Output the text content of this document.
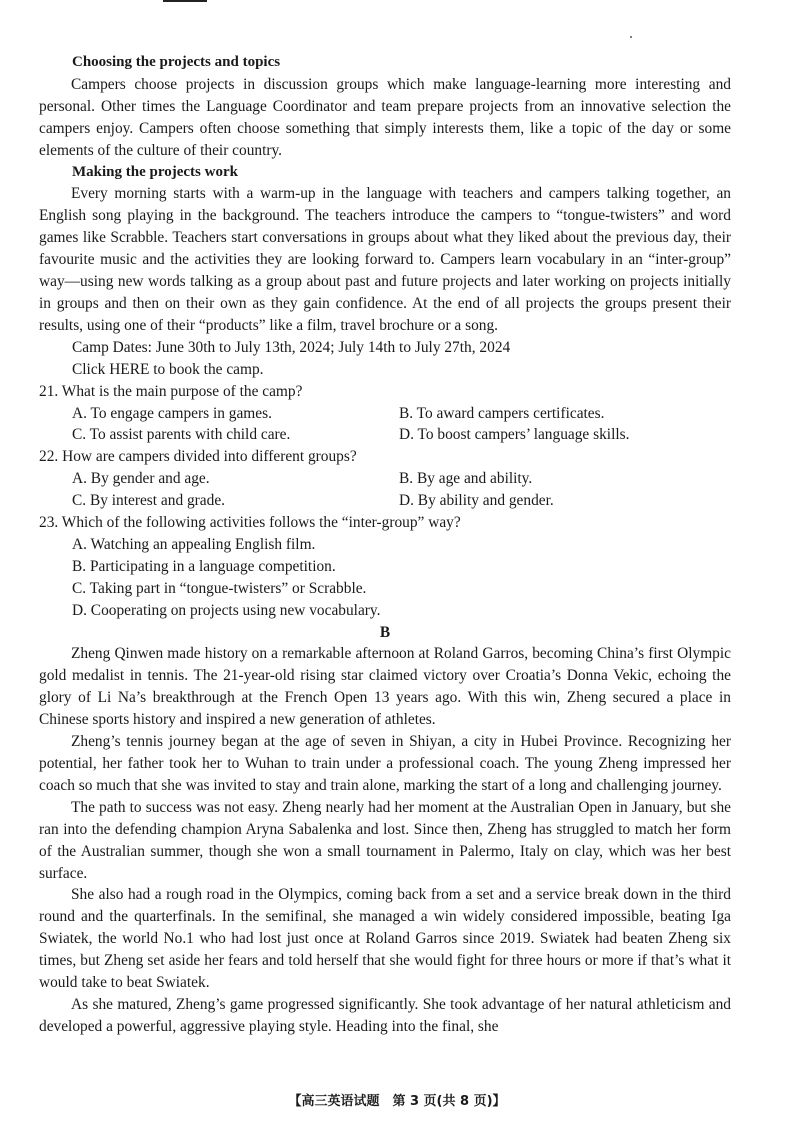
Choosing the projects and topics

Campers choose projects in discussion groups which make language-learning more interesting and personal. Other times the Language Coordinator and team prepare projects from an innovative selection the campers enjoy. Campers often choose something that simply interests them, like a topic of the day or some elements of the culture of their country.

Making the projects work

Every morning starts with a warm-up in the language with teachers and campers talking together, an English song playing in the background. The teachers introduce the campers to “tongue-twisters” and word games like Scrabble. Teachers start conversations in groups about what they liked about the previous day, their favourite music and the activities they are looking forward to. Campers learn vocabulary in an “inter-group” way—using new words talking as a group about past and future projects and later working on projects initially in groups and then on their own as they gain confidence. At the end of all projects the groups present their results, using one of their “products” like a film, travel brochure or a song.

Camp Dates: June 30th to July 13th, 2024; July 14th to July 27th, 2024

Click HERE to book the camp.

21. What is the main purpose of the camp?

A. To engage campers in games.	B. To award campers certificates.
C. To assist parents with child care.	D. To boost campers’ language skills.

22. How are campers divided into different groups?

A. By gender and age.	B. By age and ability.
C. By interest and grade.	D. By ability and gender.

23. Which of the following activities follows the “inter-group” way?

A. Watching an appealing English film.

B. Participating in a language competition.

C. Taking part in “tongue-twisters” or Scrabble.

D. Cooperating on projects using new vocabulary.

B

Zheng Qinwen made history on a remarkable afternoon at Roland Garros, becoming China’s first Olympic gold medalist in tennis. The 21-year-old rising star claimed victory over Croatia’s Donna Vekic, echoing the glory of Li Na’s breakthrough at the French Open 13 years ago. With this win, Zheng secured a place in Chinese sports history and inspired a new generation of athletes.

Zheng’s tennis journey began at the age of seven in Shiyan, a city in Hubei Province. Recognizing her potential, her father took her to Wuhan to train under a professional coach. The young Zheng impressed her coach so much that she was invited to stay and train alone, marking the start of a long and challenging journey.

The path to success was not easy. Zheng nearly had her moment at the Australian Open in January, but she ran into the defending champion Aryna Sabalenka and lost. Since then, Zheng has struggled to match her form of the Australian summer, though she won a small tournament in Palermo, Italy on clay, which was her best surface.

She also had a rough road in the Olympics, coming back from a set and a service break down in the third round and the quarterfinals. In the semifinal, she managed a win widely considered impossible, beating Iga Swiatek, the world No.1 who had lost just once at Roland Garros since 2019. Swiatek had beaten Zheng six times, but Zheng set aside her fears and told herself that she would fight for three hours or more if that’s what it would take to beat Swiatek.

As she matured, Zheng’s game progressed significantly. She took advantage of her natural athleticism and developed a powerful, aggressive playing style. Heading into the final, she

【高三英语试题　第 3 页(共 8 页)】
